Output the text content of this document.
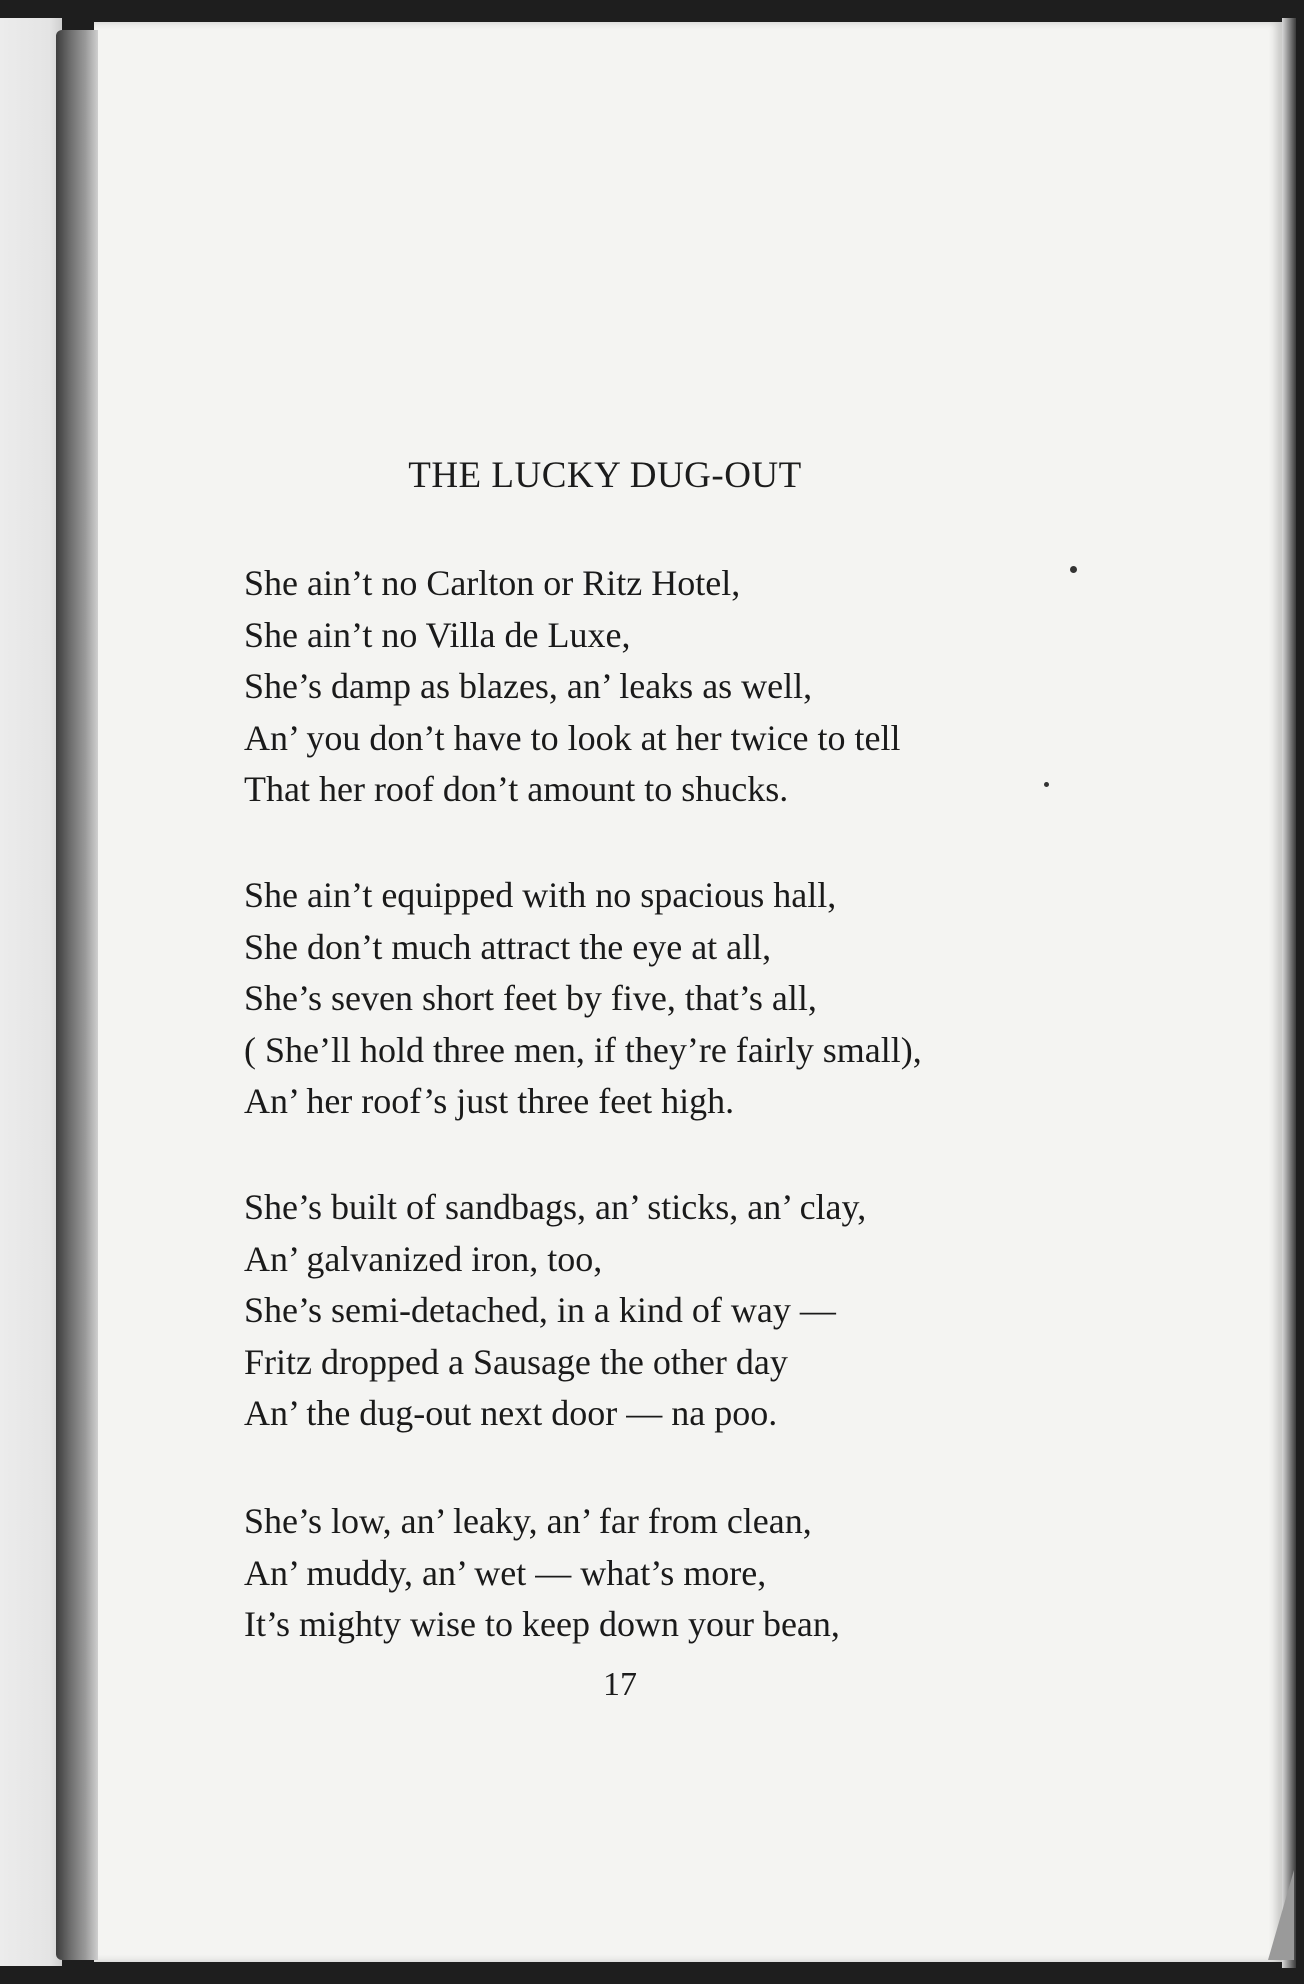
THE LUCKY DUG-OUT
She ain’t no Carlton or Ritz Hotel,
She ain’t no Villa de Luxe,
She’s damp as blazes, an’ leaks as well,
An’ you don’t have to look at her twice to tell
That her roof don’t amount to shucks.
She ain’t equipped with no spacious hall,
She don’t much attract the eye at all,
She’s seven short feet by five, that’s all,
( She’ll hold three men, if they’re fairly small),
An’ her roof’s just three feet high.
She’s built of sandbags, an’ sticks, an’ clay,
An’ galvanized iron, too,
She’s semi-detached, in a kind of way —
Fritz dropped a Sausage the other day
An’ the dug-out next door — na poo.
She’s low, an’ leaky, an’ far from clean,
An’ muddy, an’ wet — what’s more,
It’s mighty wise to keep down your bean,
17
